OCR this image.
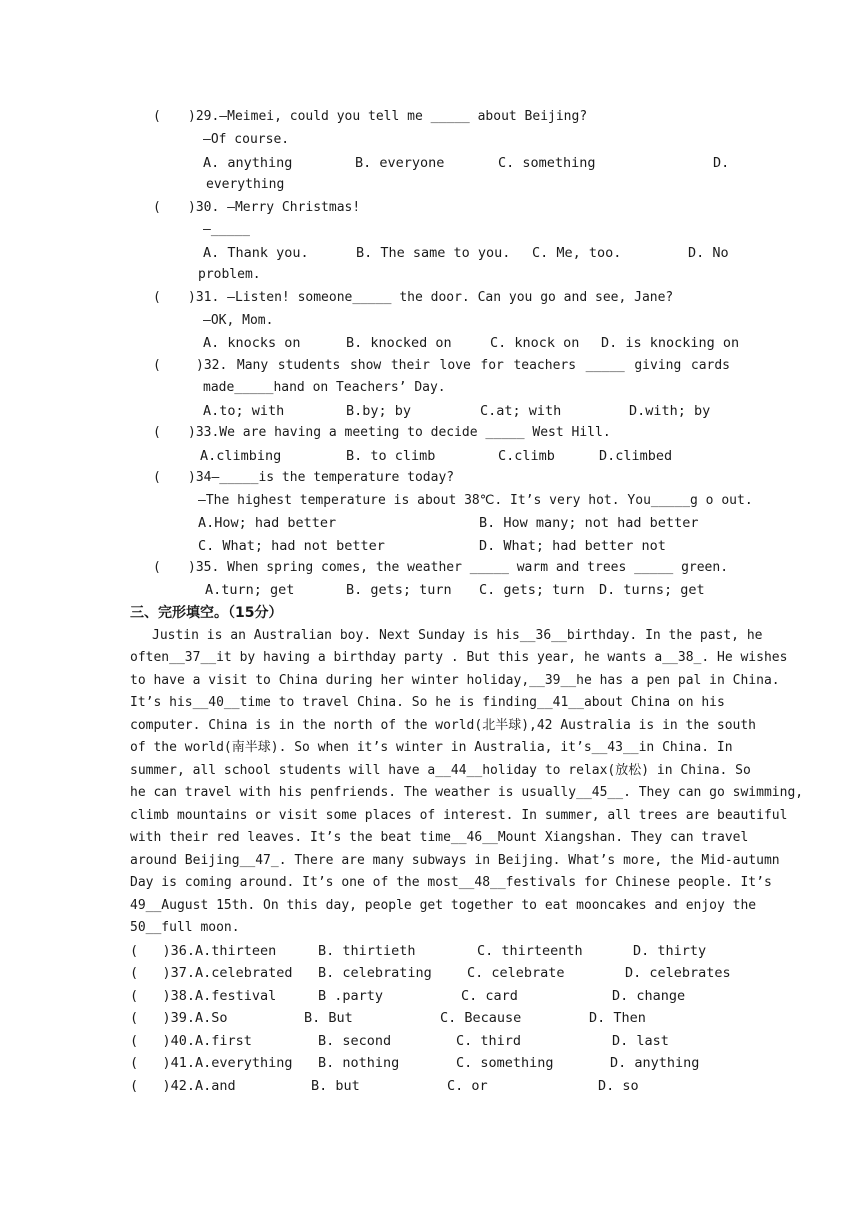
( )29.—Meimei, could you tell me _____ about Beijing?
—Of course.
A. anything	B. everyone	C. something	D.
everything
( )30. —Merry Christmas!
—_____
A. Thank you.	B. The same to you. C. Me, too.	D. No
problem.
( )31. —Listen! someone_____ the door. Can you go and see, Jane?
—OK, Mom.
A. knocks on	B. knocked on	C. knock on D. is knocking on
(	)32. Many students show their love for teachers _____ giving cards
made_____hand on Teachers’ Day.
A.to; with	B.by; by	C.at; with	D.with; by
( )33.We are having a meeting to decide _____ West Hill.
A.climbing	B. to climb	C.climb	D.climbed
( )34—_____is the temperature today?
—The highest temperature is about 38℃. It’s very hot. You_____g o out.
A.How; had better	B. How many; not had better
C. What; had not better	D. What; had better not
( )35. When spring comes, the weather _____ warm and trees _____ green.
A.turn; get	B. gets; turn C. gets; turn D. turns; get
三、完形填空。（15分）
Justin is an Australian boy. Next Sunday is his__36__birthday. In the past, he
often__37__it by having a birthday party . But this year, he wants a__38_. He wishes
to have a visit to China during her winter holiday,__39__he has a pen pal in China.
It’s his__40__time to travel China. So he is finding__41__about China on his
computer. China is in the north of the world(北半球),42 Australia is in the south
of the world(南半球). So when it’s winter in Australia, it’s__43__in China. In
summer, all school students will have a__44__holiday to relax(放松) in China. So
he can travel with his penfriends. The weather is usually__45__. They can go swimming,
climb mountains or visit some places of interest. In summer, all trees are beautiful
with their red leaves. It’s the beat time__46__Mount Xiangshan. They can travel
around Beijing__47_. There are many subways in Beijing. What’s more, the Mid-autumn
Day is coming around. It’s one of the most__48__festivals for Chinese people. It’s
49__August 15th. On this day, people get together to eat mooncakes and enjoy the
50__full moon.
(   )36.A.thirteen	B. thirtieth	C. thirteenth	D. thirty
(   )37.A.celebrated B. celebrating	C. celebrate	D. celebrates
(   )38.A.festival	B .party	C. card	D. change
(   )39.A.So	B. But	C. Because	D. Then
(   )40.A.first	B. second	C. third	D. last
(   )41.A.everything B. nothing	C. something	D. anything
(   )42.A.and	B. but	C. or	D. so
